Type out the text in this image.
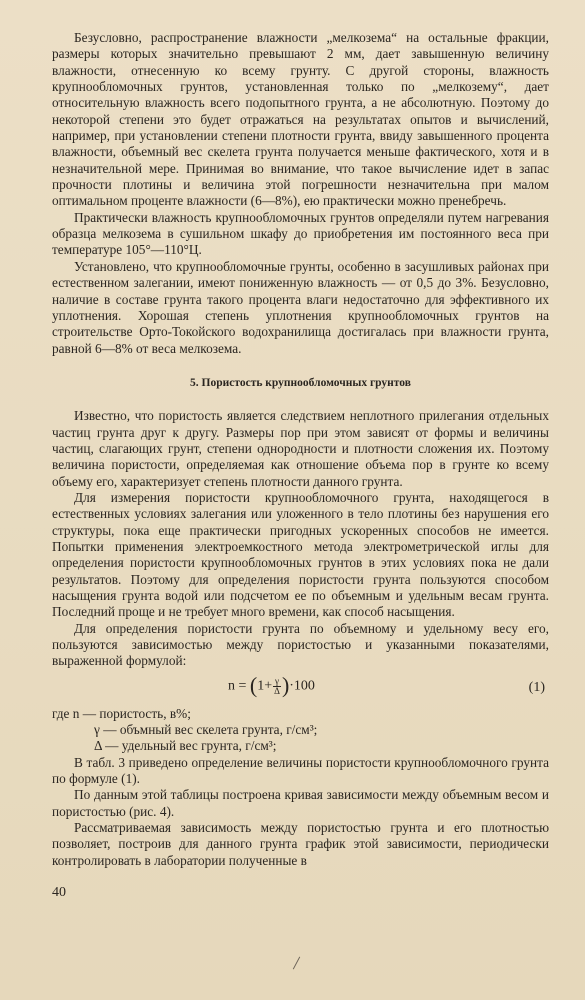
Безусловно, распространение влажности „мелкозема“ на остальные фракции, размеры которых значительно превышают 2 мм, дает завышенную величину влажности, отнесенную ко всему грунту. С другой стороны, влажность крупнообломочных грунтов, установленная только по „мелкозему“, дает относительную влажность всего подопытного грунта, а не абсолютную. Поэтому до некоторой степени это будет отражаться на результатах опытов и вычислений, например, при установлении степени плотности грунта, ввиду завышенного процента влажности, объемный вес скелета грунта получается меньше фактического, хотя и в незначительной мере. Принимая во внимание, что такое вычисление идет в запас прочности плотины и величина этой погрешности незначительна при малом оптимальном проценте влажности (6—8%), ею практически можно пренебречь.

Практически влажность крупнообломочных грунтов определяли путем нагревания образца мелкозема в сушильном шкафу до приобретения им постоянного веса при температуре 105°—110°Ц.

Установлено, что крупнообломочные грунты, особенно в засушливых районах при естественном залегании, имеют пониженную влажность — от 0,5 до 3%. Безусловно, наличие в составе грунта такого процента влаги недостаточно для эффективного их уплотнения. Хорошая степень уплотнения крупнообломочных грунтов на строительстве Орто-Токойского водохранилища достигалась при влажности грунта, равной 6—8% от веса мелкозема.

5. Пористость крупнообломочных грунтов

Известно, что пористость является следствием неплотного прилегания отдельных частиц грунта друг к другу. Размеры пор при этом зависят от формы и величины частиц, слагающих грунт, степени однородности и плотности сложения их. Поэтому величина пористости, определяемая как отношение объема пор в грунте ко всему объему его, характеризует степень плотности данного грунта.

Для измерения пористости крупнообломочного грунта, находящегося в естественных условиях залегания или уложенного в тело плотины без нарушения его структуры, пока еще практически пригодных ускоренных способов не имеется. Попытки применения электроемкостного метода электрометрической иглы для определения пористости крупнообломочных грунтов в этих условиях пока не дали результатов. Поэтому для определения пористости грунта пользуются способом насыщения грунта водой или подсчетом ее по объемным и удельным весам грунта. Последний проще и не требует много времени, как способ насыщения.

Для определения пористости грунта по объемному и удельному весу его, пользуются зависимостью между пористостью и указанными показателями, выраженной формулой:

$n = (1+ \frac{\gamma}{\Delta} )\cdot 100$	(1)

где n — пористость, в%;

γ — объмный вес скелета грунта, г/см³;

Δ — удельный вес грунта, г/см³;

В табл. 3 приведено определение величины пористости крупнообломочного грунта по формуле (1).

По данным этой таблицы построена кривая зависимости между объемным весом и пористостью (рис. 4).

Рассматриваемая зависимость между пористостью грунта и его плотностью позволяет, построив для данного грунта график этой зависимости, периодически контролировать в лаборатории полученные в

40
